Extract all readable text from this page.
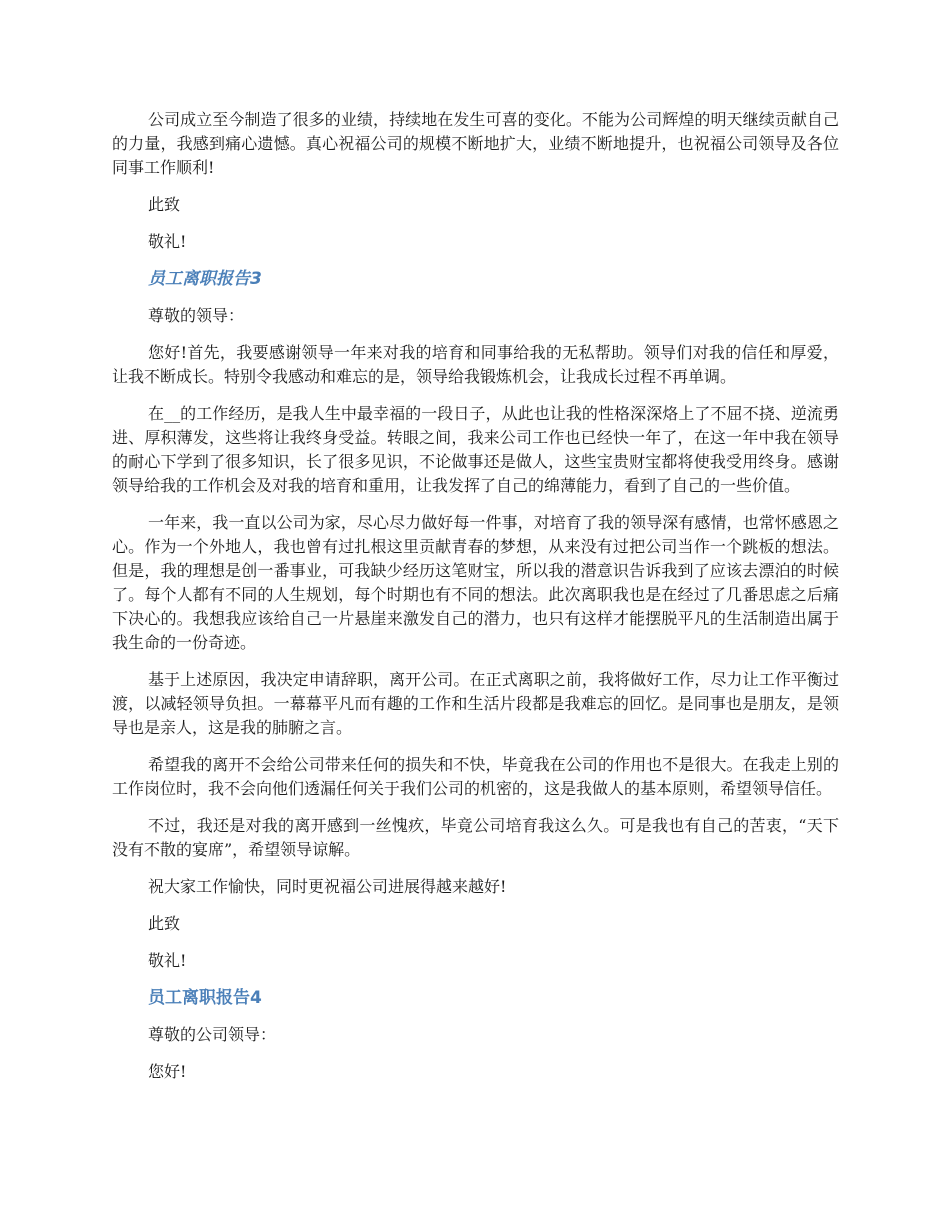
公司成立至今制造了很多的业绩，持续地在发生可喜的变化。不能为公司辉煌的明天继续贡献自己的力量，我感到痛心遗憾。真心祝福公司的规模不断地扩大，业绩不断地提升，也祝福公司领导及各位同事工作顺利!

此致

敬礼!

员工离职报告3

尊敬的领导：

您好!首先，我要感谢领导一年来对我的培育和同事给我的无私帮助。领导们对我的信任和厚爱，让我不断成长。特别令我感动和难忘的是，领导给我锻炼机会，让我成长过程不再单调。

在__的工作经历，是我人生中最幸福的一段日子，从此也让我的性格深深烙上了不屈不挠、逆流勇进、厚积薄发，这些将让我终身受益。转眼之间，我来公司工作也已经快一年了，在这一年中我在领导的耐心下学到了很多知识，长了很多见识，不论做事还是做人，这些宝贵财宝都将使我受用终身。感谢领导给我的工作机会及对我的培育和重用，让我发挥了自己的绵薄能力，看到了自己的一些价值。

一年来，我一直以公司为家，尽心尽力做好每一件事，对培育了我的领导深有感情，也常怀感恩之心。作为一个外地人，我也曾有过扎根这里贡献青春的梦想，从来没有过把公司当作一个跳板的想法。但是，我的理想是创一番事业，可我缺少经历这笔财宝，所以我的潜意识告诉我到了应该去漂泊的时候了。每个人都有不同的人生规划，每个时期也有不同的想法。此次离职我也是在经过了几番思虑之后痛下决心的。我想我应该给自己一片悬崖来激发自己的潜力，也只有这样才能摆脱平凡的生活制造出属于我生命的一份奇迹。

基于上述原因，我决定申请辞职，离开公司。在正式离职之前，我将做好工作，尽力让工作平衡过渡，以减轻领导负担。一幕幕平凡而有趣的工作和生活片段都是我难忘的回忆。是同事也是朋友，是领导也是亲人，这是我的肺腑之言。

希望我的离开不会给公司带来任何的损失和不快，毕竟我在公司的作用也不是很大。在我走上别的工作岗位时，我不会向他们透漏任何关于我们公司的机密的，这是我做人的基本原则，希望领导信任。

不过，我还是对我的离开感到一丝愧疚，毕竟公司培育我这么久。可是我也有自己的苦衷，“天下没有不散的宴席”，希望领导谅解。

祝大家工作愉快，同时更祝福公司进展得越来越好!

此致

敬礼!

员工离职报告4

尊敬的公司领导：

您好!
